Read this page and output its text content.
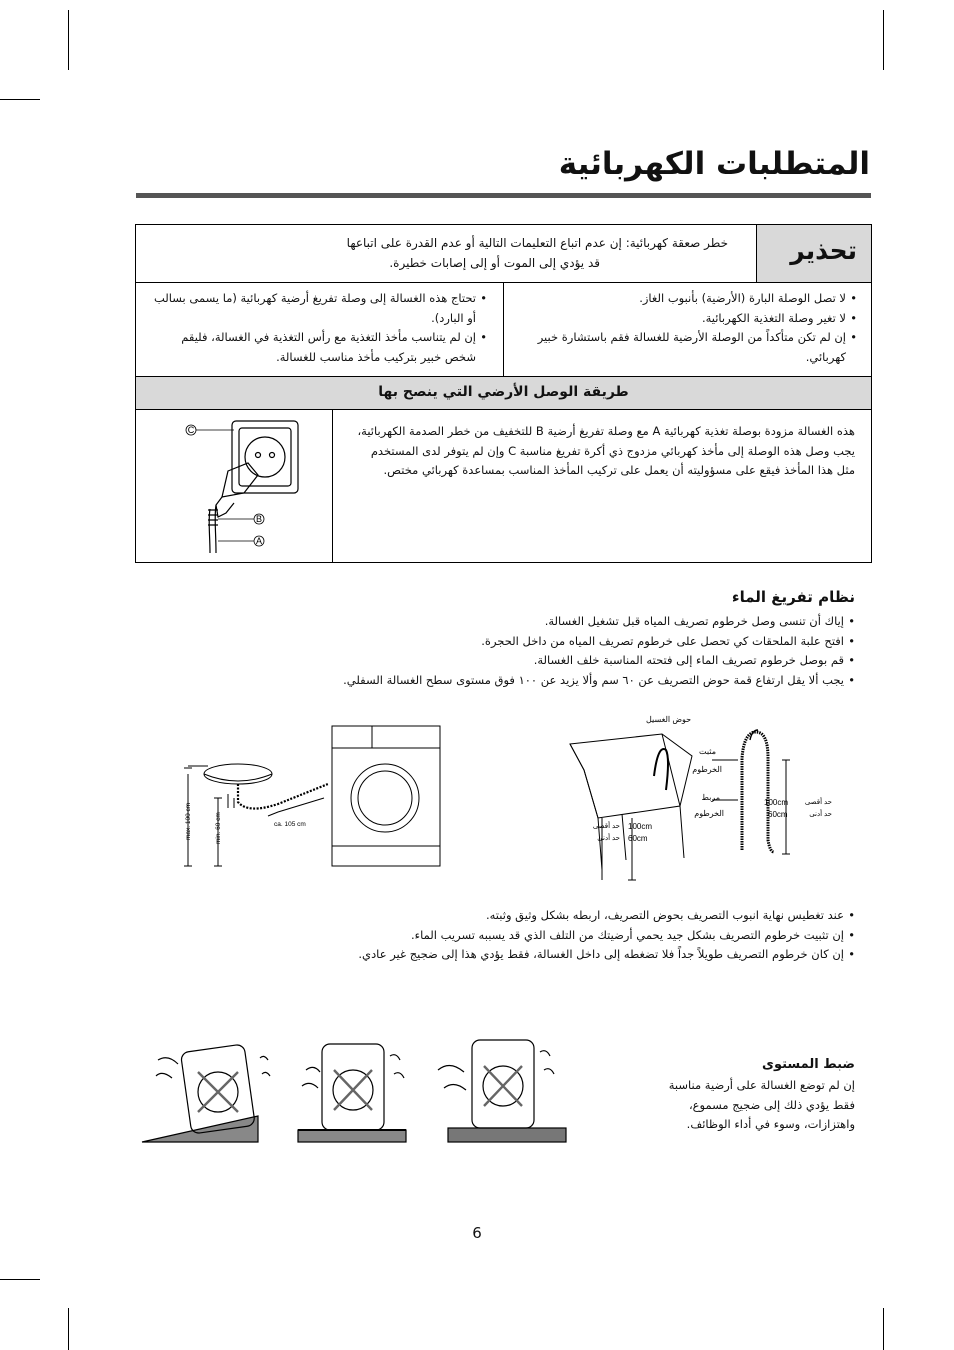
المتطلبات الكهربائية
تحذير
خطر صعقة كهربائية: إن عدم اتباع التعليمات التالية أو عدم القدرة على اتباعها
قد يؤدي إلى الموت أو إلى إصابات خطيرة.
• لا تصل الوصلة البارة (الأرضية) بأنبوب الغاز.
• لا تغير وصلة التغذية الكهربائية.
• إن لم تكن متأكداً من الوصلة الأرضية للغسالة فقم باستشارة خبير كهربائي.
• تحتاج هذه الغسالة إلى وصلة تفريغ أرضية كهربائية (ما يسمى بسالب أو البارد).
• إن لم يتناسب مأخذ التغذية مع رأس التغذية في الغسالة، فليقم شخص خبير بتركيب مأخذ مناسب للغسالة.
طريقة الوصل الأرضي التي ينصح بها
هذه الغسالة مزودة بوصلة تغذية كهربائية A مع وصلة تفريغ أرضية B للتخفيف من خطر الصدمة الكهربائية، يجب وصل هذه الوصلة إلى مأخذ كهربائي مزدوج ذي أكرة تفريغ مناسبة C وإن لم يتوفر لدى المستخدم مثل هذا المأخذ فيقع على مسؤوليته أن يعمل على تركيب المأخذ المناسب بمساعدة كهربائي مختص.
C
B
A
نظام تفريغ الماء
• إياك أن تنسى وصل خرطوم تصريف المياه قبل تشغيل الغسالة.
• افتح علبة الملحقات كي تحصل على خرطوم تصريف المياه من داخل الحجرة.
• قم بوصل خرطوم تصريف الماء إلى فتحته المناسبة خلف الغسالة.
• يجب ألا يقل ارتفاع قمة حوض التصريف عن ٦٠ سم وألا يزيد عن ١٠٠ فوق مستوى سطح الغسالة السفلي.
max. 100 cm	min. 60 cm	ca. 105 cm
حوض الغسيل
مثبت
الخرطوم
مربط
الخرطوم
حد أقصى
حد أدنى
100cm
60cm
100cm
60cm
حد أقصى
حد أدنى
• عند تغطيس نهاية انبوب التصريف بحوض التصريف، اربطه بشكل وثيق وثبته.
• إن تثبيت خرطوم التصريف بشكل جيد يحمي أرضيتك من التلف الذي قد يسببه تسريب الماء.
• إن كان خرطوم التصريف طويلاً جداً فلا تضغطه إلى داخل الغسالة، فقط يؤدي هذا إلى ضجيج غير عادي.
ضبط المستوى
إن لم توضع الغسالة على أرضية مناسبة
فقط يؤدي ذلك إلى ضجيج مسموع،
واهتزازات، وسوء في أداء الوظائف.
6
